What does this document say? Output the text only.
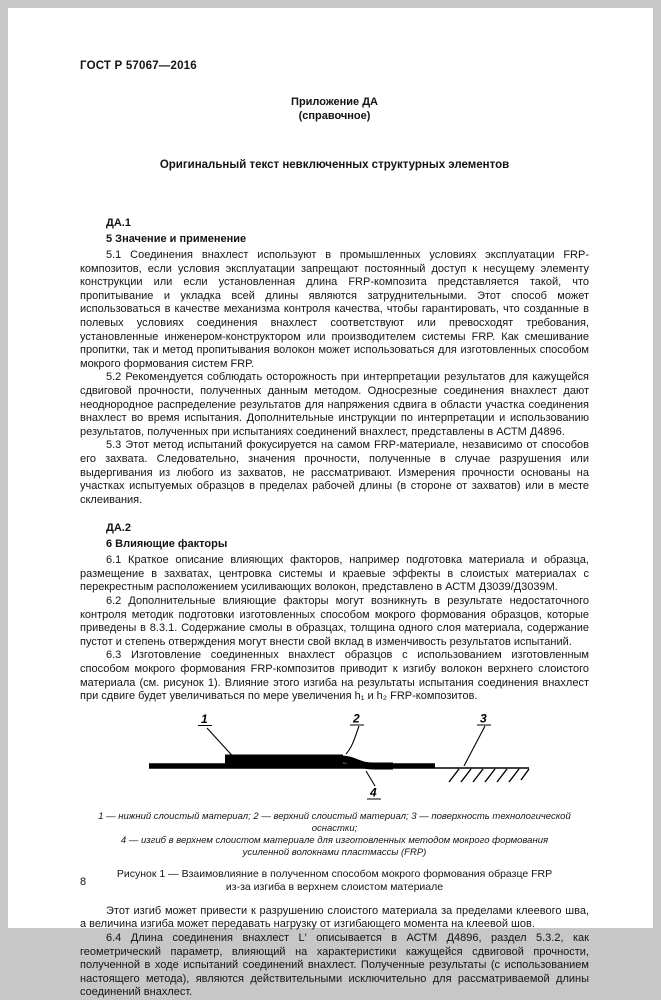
ГОСТ Р 57067—2016
Приложение ДА
(справочное)
Оригинальный текст невключенных структурных элементов
ДА.1
5 Значение и применение

5.1 Соединения внахлест используют в промышленных условиях эксплуатации FRP-композитов, если условия эксплуатации запрещают постоянный доступ к несущему элементу конструкции или если установленная длина FRP-композита представляется такой, что пропитывание и укладка всей длины являются затруднительными. Этот способ может использоваться в качестве механизма контроля качества, чтобы гарантировать, что созданные в полевых условиях соединения внахлест соответствуют или превосходят требования, установленные инженером-конструктором или производителем системы FRP. Как смешивание пропитки, так и метод пропитывания волокон может использоваться для изготовленных способом мокрого формования систем FRP.

5.2 Рекомендуется соблюдать осторожность при интерпретации результатов для кажущейся сдвиговой прочности, полученных данным методом. Односрезные соединения внахлест дают неоднородное распределение результатов для напряжения сдвига в области участка соединения внахлест во время испытания. Дополнительные инструкции по интерпретации и использованию результатов, полученных при испытаниях соединений внахлест, представлены в АСТМ Д4896.

5.3 Этот метод испытаний фокусируется на самом FRP-материале, независимо от способов его захвата. Следовательно, значения прочности, полученные в случае разрушения или выдергивания из любого из захватов, не рассматривают. Измерения прочности основаны на участках испытуемых образцов в пределах рабочей длины (в стороне от захватов) или в месте склеивания.

ДА.2
6 Влияющие факторы

6.1 Краткое описание влияющих факторов, например подготовка материала и образца, размещение в захватах, центровка системы и краевые эффекты в слоистых материалах с перекрестным расположением усиливающих волокон, представлено в АСТМ Д3039/Д3039М.

6.2 Дополнительные влияющие факторы могут возникнуть в результате недостаточного контроля методик подготовки изготовленных способом мокрого формования образцов, которые приведены в 8.3.1. Содержание смолы в образцах, толщина одного слоя материала, содержание пустот и степень отверждения могут внести свой вклад в изменчивость результатов испытаний.

6.3 Изготовление соединенных внахлест образцов с использованием изготовленным способом мокрого формования FRP-композитов приводит к изгибу волокон верхнего слоистого материала (см. рисунок 1). Влияние этого изгиба на результаты испытания соединения внахлест при сдвиге будет увеличиваться по мере увеличения h₁ и h₂ FRP-композитов.

1	2	3
4
1 — нижний слоистый материал; 2 — верхний слоистый материал; 3 — поверхность технологической оснастки;
4 — изгиб в верхнем слоистом материале для изготовленных методом мокрого формования
усиленной волокнами пластмассы (FRP)
Рисунок 1 — Взаимовлияние в полученном способом мокрого формования образце FRP
из-за изгиба в верхнем слоистом материале

Этот изгиб может привести к разрушению слоистого материала за пределами клеевого шва, а величина изгиба может передавать нагрузку от изгибающего момента на клеевой шов.

6.4 Длина соединения внахлест L′ описывается в АСТМ Д4896, раздел 5.3.2, как геометрический параметр, влияющий на характеристики кажущейся сдвиговой прочности, полученной в ходе испытаний соединений внахлест. Полученные результаты (с использованием настоящего метода), являются действительными исключительно для рассматриваемой длины соединений внахлест.

8
